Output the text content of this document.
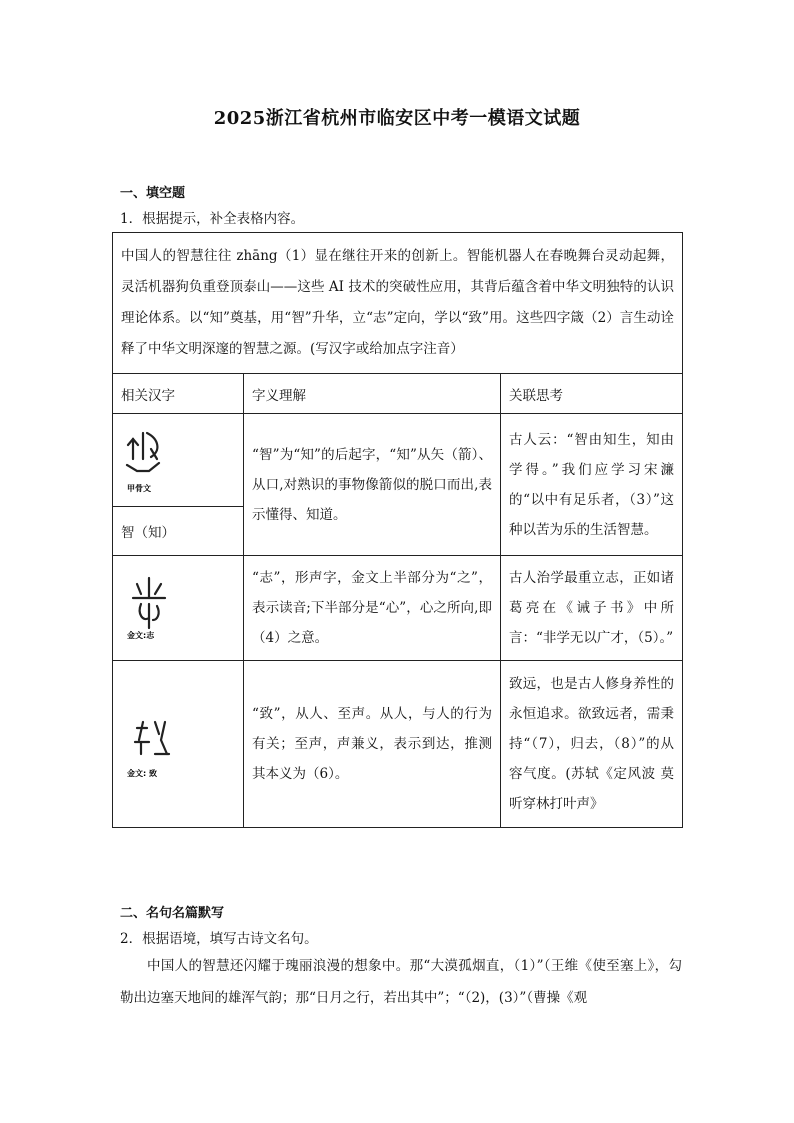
2025浙江省杭州市临安区中考一模语文试题
一、填空题
1．根据提示，补全表格内容。
中国人的智慧往往 zhāng（1）显在继往开来的创新上。智能机器人在春晚舞台灵动起舞，灵活机器狗负重登顶泰山——这些 AI 技术的突破性应用，其背后蕴含着中华文明独特的认识理论体系。以“知”奠基，用“智”升华，立“志”定向，学以“致”用。这些四字箴（2）言生动诠释了中华文明深邃的智慧之源。(写汉字或给加点字注音）		
相关汉字	字义理解	关联思考

甲骨文	“智”为“知”的后起字，“知”从矢（箭）、从口,对熟识的事物像箭似的脱口而出,表示懂得、知道。	古人云：“智由知生，知由学得。”我们应学习宋濂的“以中有足乐者，（3）”这种以苦为乐的生活智慧。
智（知）		

金文:志	“志”，形声字，金文上半部分为“之”，表示读音;下半部分是“心”，心之所向,即（4）之意。	古人治学最重立志，正如诸葛亮在《诫子书》中所言：“非学无以广才，（5）。”

金文: 致	“致”，从人、至声。从人，与人的行为有关；至声，声兼义，表示到达，推测其本义为（6）。	致远，也是古人修身养性的永恒追求。欲致远者，需秉持“（7），归去，（8）”的从容气度。(苏轼《定风波 莫听穿林打叶声》
二、名句名篇默写
2．根据语境，填写古诗文名句。
中国人的智慧还闪耀于瑰丽浪漫的想象中。那“大漠孤烟直，（1）”（王维《使至塞上》，勾勒出边塞天地间的雄浑气韵；那“日月之行，若出其中”；“（2)，(3）”（曹操《观
